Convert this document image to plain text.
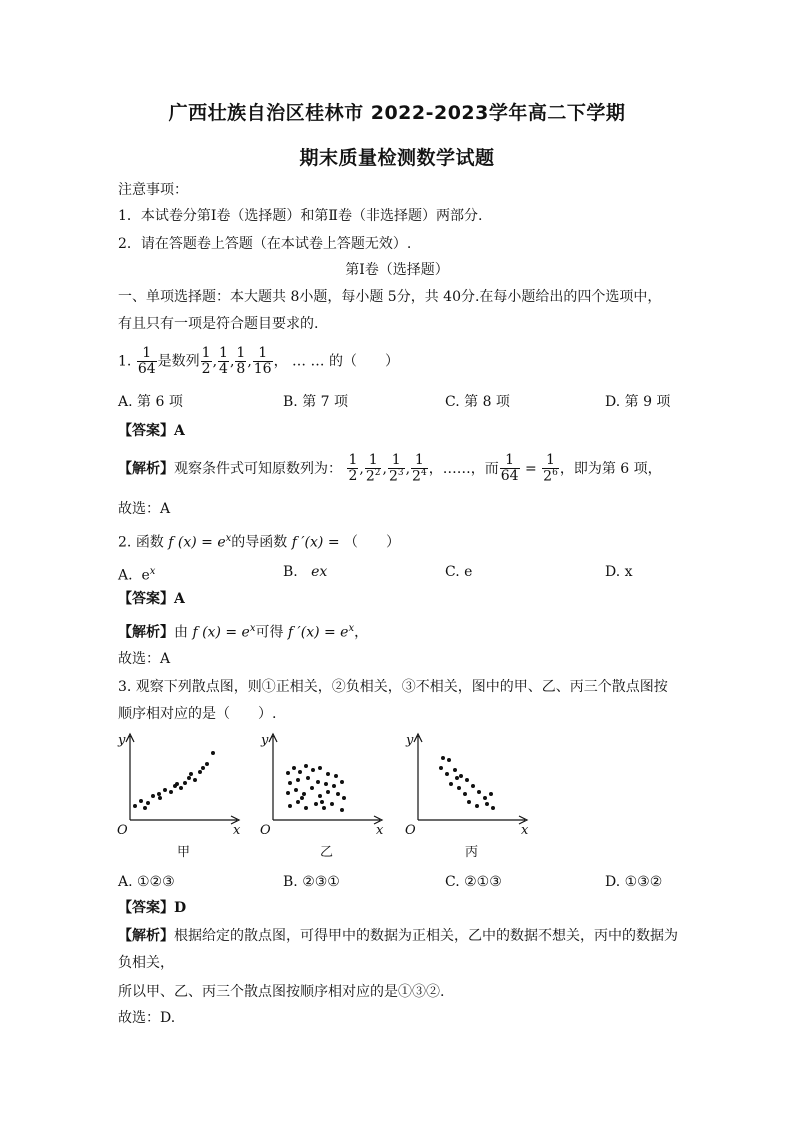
广西壮族自治区桂林市 2022-2023学年高二下学期
期末质量检测数学试题
注意事项：
1．本试卷分第Ⅰ卷（选择题）和第Ⅱ卷（非选择题）两部分.
2．请在答题卷上答题（在本试卷上答题无效）.
第Ⅰ卷（选择题）
一、单项选择题：本大题共 8小题，每小题 5分，共 40分.在每小题给出的四个选项中，
有且只有一项是符合题目要求的.
1. $\frac{1}{64}$ 是数列 $\frac{1}{2}$ , $\frac{1}{4}$ , $\frac{1}{8}$ , $\frac{1}{16}$ ， … … 的（　　）
A. 第 6 项	B. 第 7 项	C. 第 8 项	D. 第 9 项
【答案】A
【解析】观察条件式可知原数列为： $\frac{1}{2}$ , $\frac{1}{2^2}$ , $\frac{1}{2^3}$ , $\frac{1}{2^4}$ ，……，而 $\frac{1}{64} = \frac{1}{2^6}$ ，即为第 6 项，
故选：A
2. 函数 f $(x) = e^x$的导函数 f ′(x) = （　　）
A. $e^x$	B. ex	C. e	D. x
【答案】A
【解析】由 f $(x) = e^x$可得 f $'(x) = e^x$，
故选：A
3. 观察下列散点图，则①正相关，②负相关，③不相关，图中的甲、乙、丙三个散点图按
顺序相对应的是（　　）.
y
x
O
甲
y
x
O
乙
y
x
O
丙
A. ①②③	B. ②③①	C. ②①③	D. ①③②
【答案】D
【解析】根据给定的散点图，可得甲中的数据为正相关，乙中的数据不想关，丙中的数据为
负相关，
所以甲、乙、丙三个散点图按顺序相对应的是①③②.
故选：D.
